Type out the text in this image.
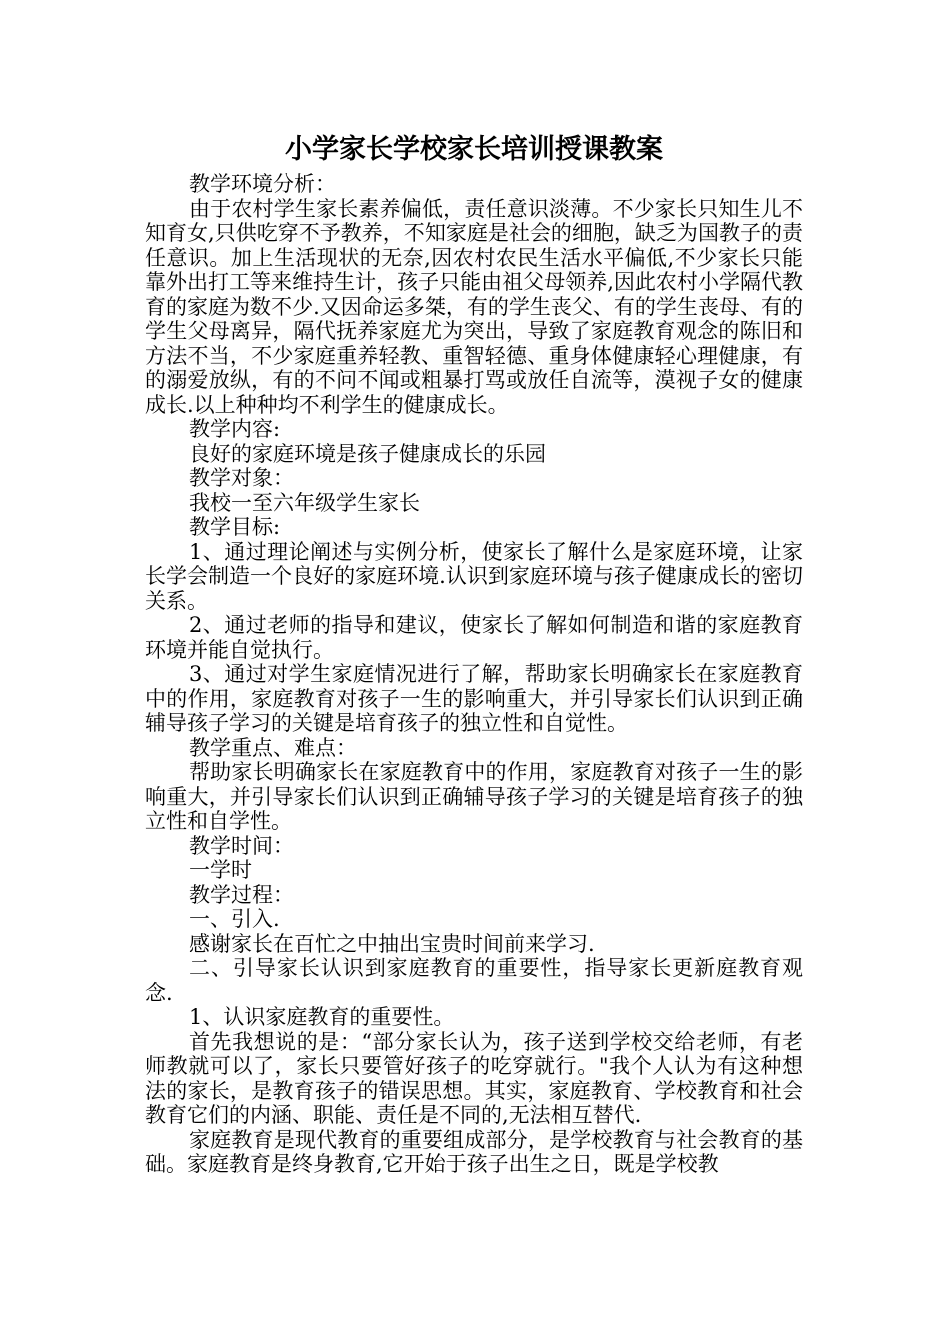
小学家长学校家长培训授课教案

教学环境分析：

由于农村学生家长素养偏低，责任意识淡薄。不少家长只知生儿不知育女,只供吃穿不予教养，不知家庭是社会的细胞，缺乏为国教子的责任意识。加上生活现状的无奈,因农村农民生活水平偏低,不少家长只能靠外出打工等来维持生计，孩子只能由祖父母领养,因此农村小学隔代教育的家庭为数不少.又因命运多桀，有的学生丧父、有的学生丧母、有的学生父母离异，隔代抚养家庭尤为突出，导致了家庭教育观念的陈旧和方法不当，不少家庭重养轻教、重智轻德、重身体健康轻心理健康，有的溺爱放纵，有的不问不闻或粗暴打骂或放任自流等，漠视子女的健康成长.以上种种均不利学生的健康成长。

教学内容:

良好的家庭环境是孩子健康成长的乐园

教学对象：

我校一至六年级学生家长

教学目标:

1、通过理论阐述与实例分析，使家长了解什么是家庭环境，让家长学会制造一个良好的家庭环境.认识到家庭环境与孩子健康成长的密切关系。

2、通过老师的指导和建议，使家长了解如何制造和谐的家庭教育环境并能自觉执行。

3、通过对学生家庭情况进行了解，帮助家长明确家长在家庭教育中的作用，家庭教育对孩子一生的影响重大，并引导家长们认识到正确辅导孩子学习的关键是培育孩子的独立性和自觉性。

教学重点、难点：

帮助家长明确家长在家庭教育中的作用，家庭教育对孩子一生的影响重大，并引导家长们认识到正确辅导孩子学习的关键是培育孩子的独立性和自学性。

教学时间：

一学时

教学过程：

一、引入.

感谢家长在百忙之中抽出宝贵时间前来学习.

二、引导家长认识到家庭教育的重要性，指导家长更新庭教育观念.

1、认识家庭教育的重要性。

首先我想说的是：“部分家长认为，孩子送到学校交给老师，有老师教就可以了，家长只要管好孩子的吃穿就行。"我个人认为有这种想法的家长，是教育孩子的错误思想。其实，家庭教育、学校教育和社会教育它们的内涵、职能、责任是不同的,无法相互替代.

家庭教育是现代教育的重要组成部分，是学校教育与社会教育的基础。家庭教育是终身教育,它开始于孩子出生之日，既是学校教
